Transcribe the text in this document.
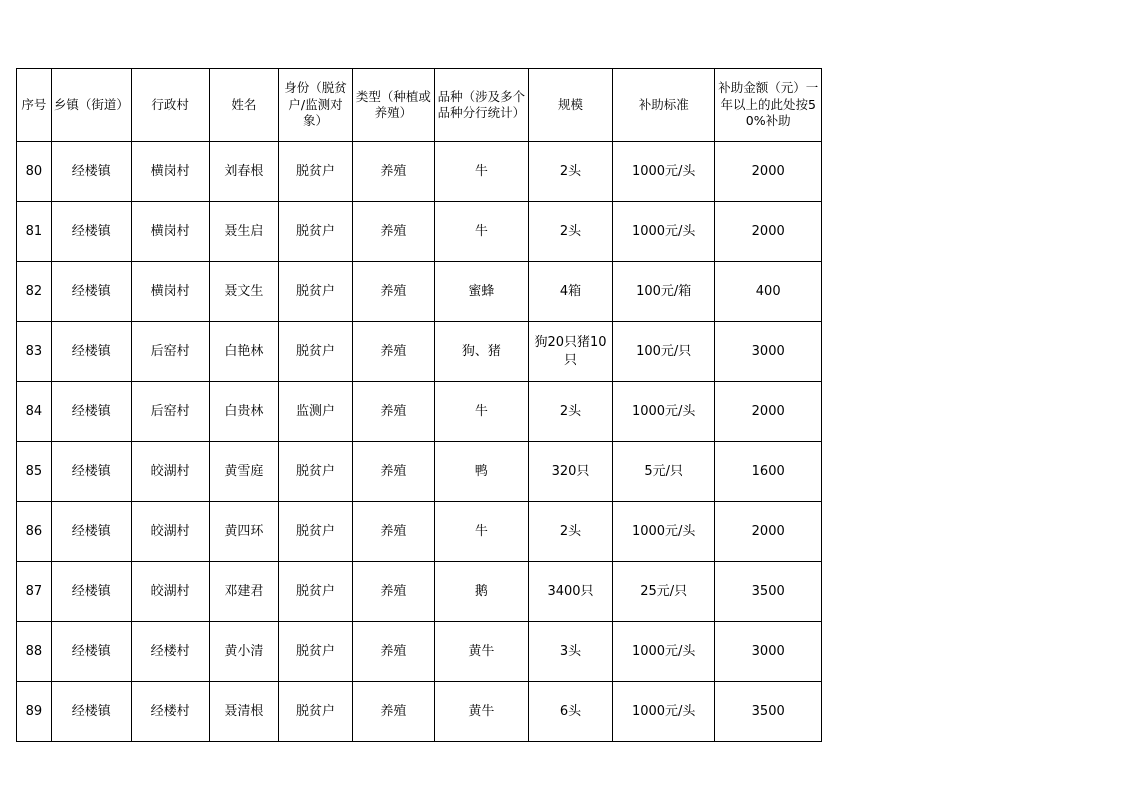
序号	乡镇（街道）	行政村	姓名	身份（脱贫户/监测对象）	类型（种植或养殖）	品种（涉及多个品种分行统计）	规模	补助标准	补助金额（元）一年以上的此处按50%补助
80	经楼镇	横岗村	刘春根	脱贫户	养殖	牛	2头	1000元/头	2000
81	经楼镇	横岗村	聂生启	脱贫户	养殖	牛	2头	1000元/头	2000
82	经楼镇	横岗村	聂文生	脱贫户	养殖	蜜蜂	4箱	100元/箱	400
83	经楼镇	后窑村	白艳林	脱贫户	养殖	狗、猪	狗20只猪10只	100元/只	3000
84	经楼镇	后窑村	白贵林	监测户	养殖	牛	2头	1000元/头	2000
85	经楼镇	皎湖村	黄雪庭	脱贫户	养殖	鸭	320只	5元/只	1600
86	经楼镇	皎湖村	黄四环	脱贫户	养殖	牛	2头	1000元/头	2000
87	经楼镇	皎湖村	邓建君	脱贫户	养殖	鹅	3400只	25元/只	3500
88	经楼镇	经楼村	黄小清	脱贫户	养殖	黄牛	3头	1000元/头	3000
89	经楼镇	经楼村	聂清根	脱贫户	养殖	黄牛	6头	1000元/头	3500
